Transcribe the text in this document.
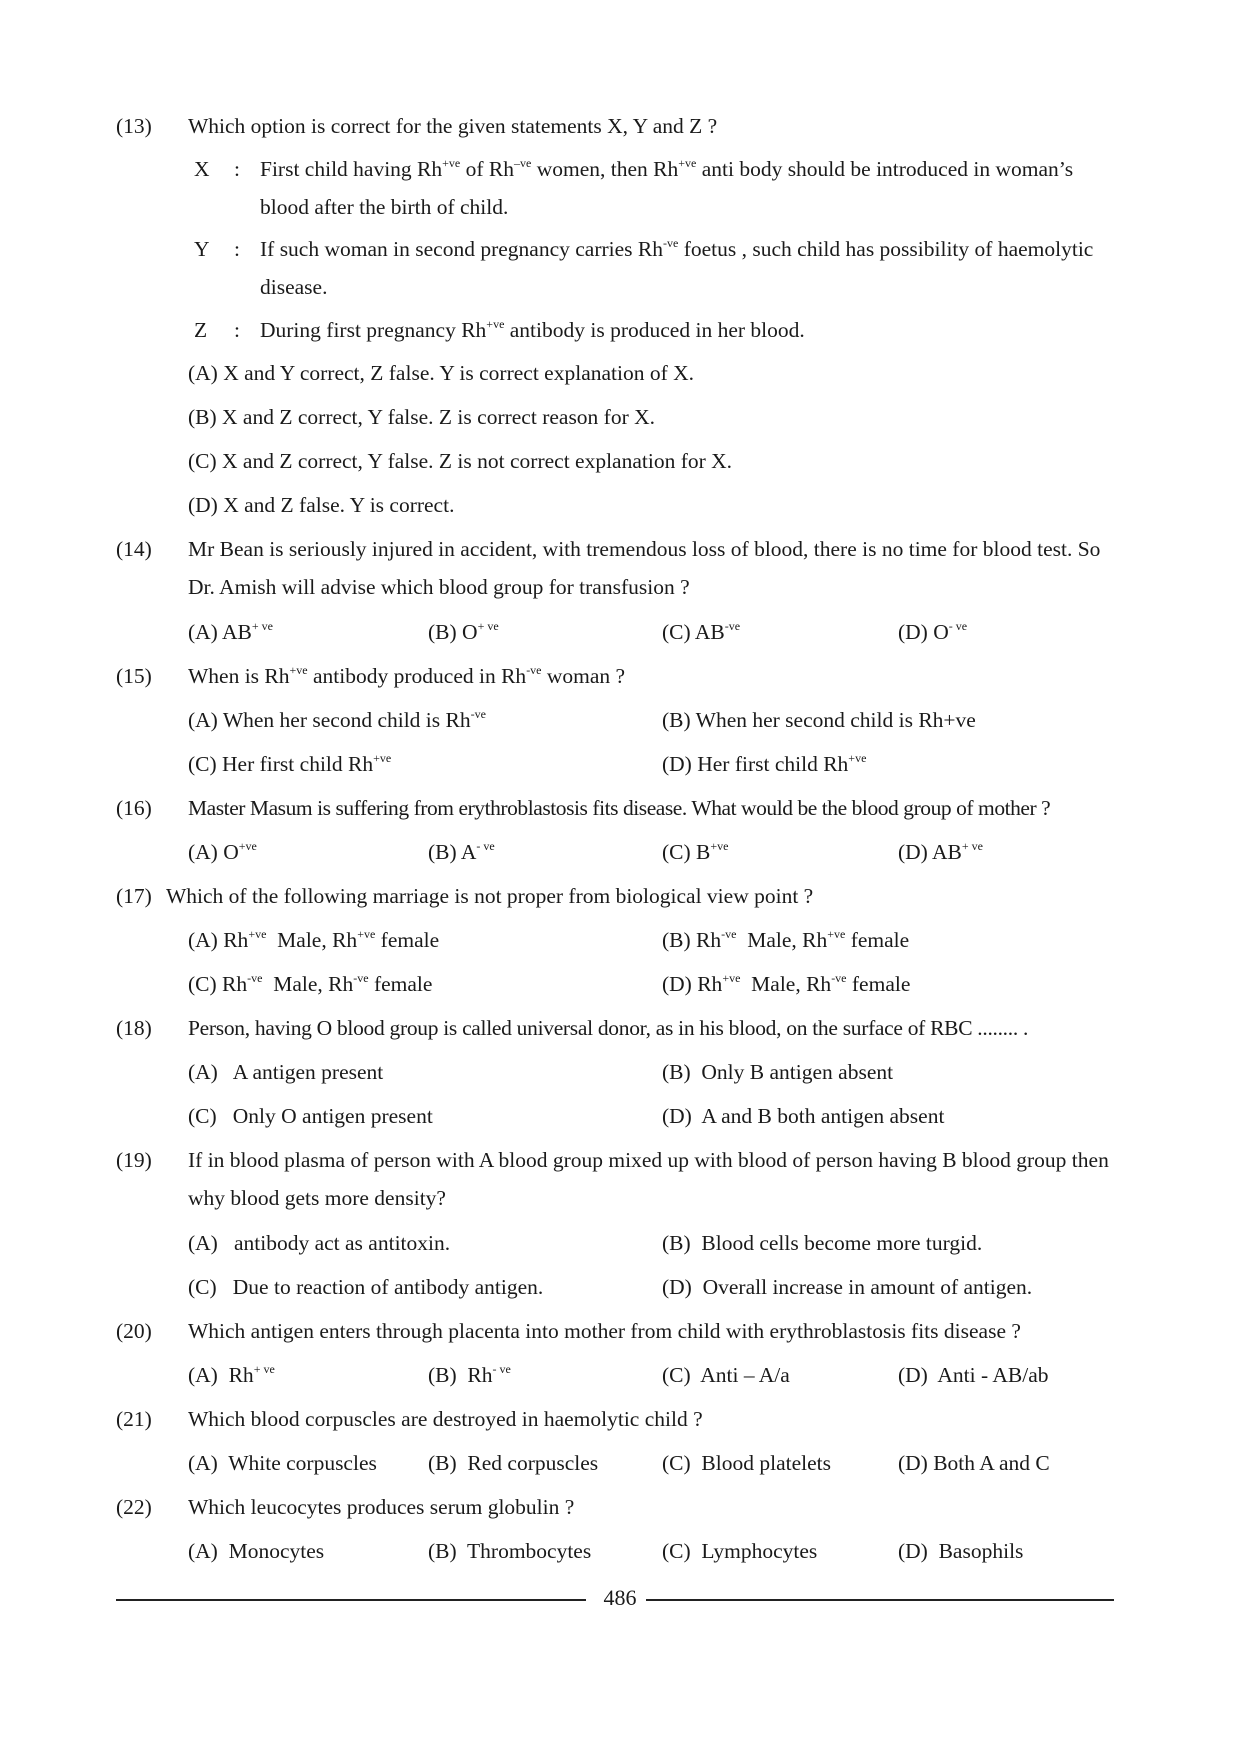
(13) Which option is correct for the given statements X, Y and Z ?
X : First child having $Rh^{+ve}$ of $Rh^{-ve}$ women, then $Rh^{+ve}$ anti body should be introduced in woman’s blood after the birth of child.
Y : If such woman in second pregnancy carries $Rh^{-ve}$ foetus , such child has possibility of haemolytic disease.
Z : During first pregnancy $Rh^{+ve}$ antibody is produced in her blood.
(A) X and Y correct, Z false. Y is correct explanation of X.
(B) X and Z correct, Y false. Z is correct reason for X.
(C) X and Z correct, Y false. Z is not correct explanation for X.
(D) X and Z false. Y is correct.
(14) Mr Bean is seriously injured in accident, with tremendous loss of blood, there is no time for blood test. So Dr. Amish will advise which blood group for transfusion ?
(A) $AB^{+ ve}$	(B) $O^{+ ve}$	(C) $AB^{-ve}$	(D) $O^{- ve}$
(15) When is $Rh^{+ve}$ antibody produced in $Rh^{-ve}$ woman ?
(A) When her second child is $Rh^{-ve}$	(B) When her second child is Rh+ve
(C) Her first child $Rh^{+ve}$	(D) Her first child $Rh^{+ve}$
(16) Master Masum is suffering from erythroblastosis fits disease. What would be the blood group of mother ?
(A) $O^{+ve}$	(B) $A^{- ve}$	(C) $B^{+ve}$	(D) $AB^{+ ve}$
(17) Which of the following marriage is not proper from biological view point ?
(A) $Rh^{+ve}$  Male, $Rh^{+ve}$ female	(B) $Rh^{-ve}$  Male, $Rh^{+ve}$ female
(C) $Rh^{-ve}$  Male, $Rh^{-ve}$ female	(D) $Rh^{+ve}$  Male, $Rh^{-ve}$ female
(18) Person, having O blood group is called universal donor, as in his blood, on the surface of RBC ........ .
(A)   A antigen present	(B)  Only B antigen absent
(C)   Only O antigen present	(D)  A and B both antigen absent
(19) If in blood plasma of person with A blood group mixed up with blood of person having B blood group then why blood gets more density?
(A)   antibody act as antitoxin.	(B)  Blood cells become more turgid.
(C)   Due to reaction of antibody antigen.	(D)  Overall increase in amount of antigen.
(20) Which antigen enters through placenta into mother from child with erythroblastosis fits disease ?
(A)  $Rh^{+ ve}$	(B)  $Rh^{- ve}$	(C)  Anti – A/a	(D)  Anti - AB/ab
(21) Which blood corpuscles are destroyed in haemolytic child ?
(A)  White corpuscles (B)  Red corpuscles	(C)  Blood platelets	(D) Both A and C
(22) Which leucocytes produces serum globulin ?
(A)  Monocytes	(B)  Thrombocytes	(C)  Lymphocytes	(D)  Basophils
486
